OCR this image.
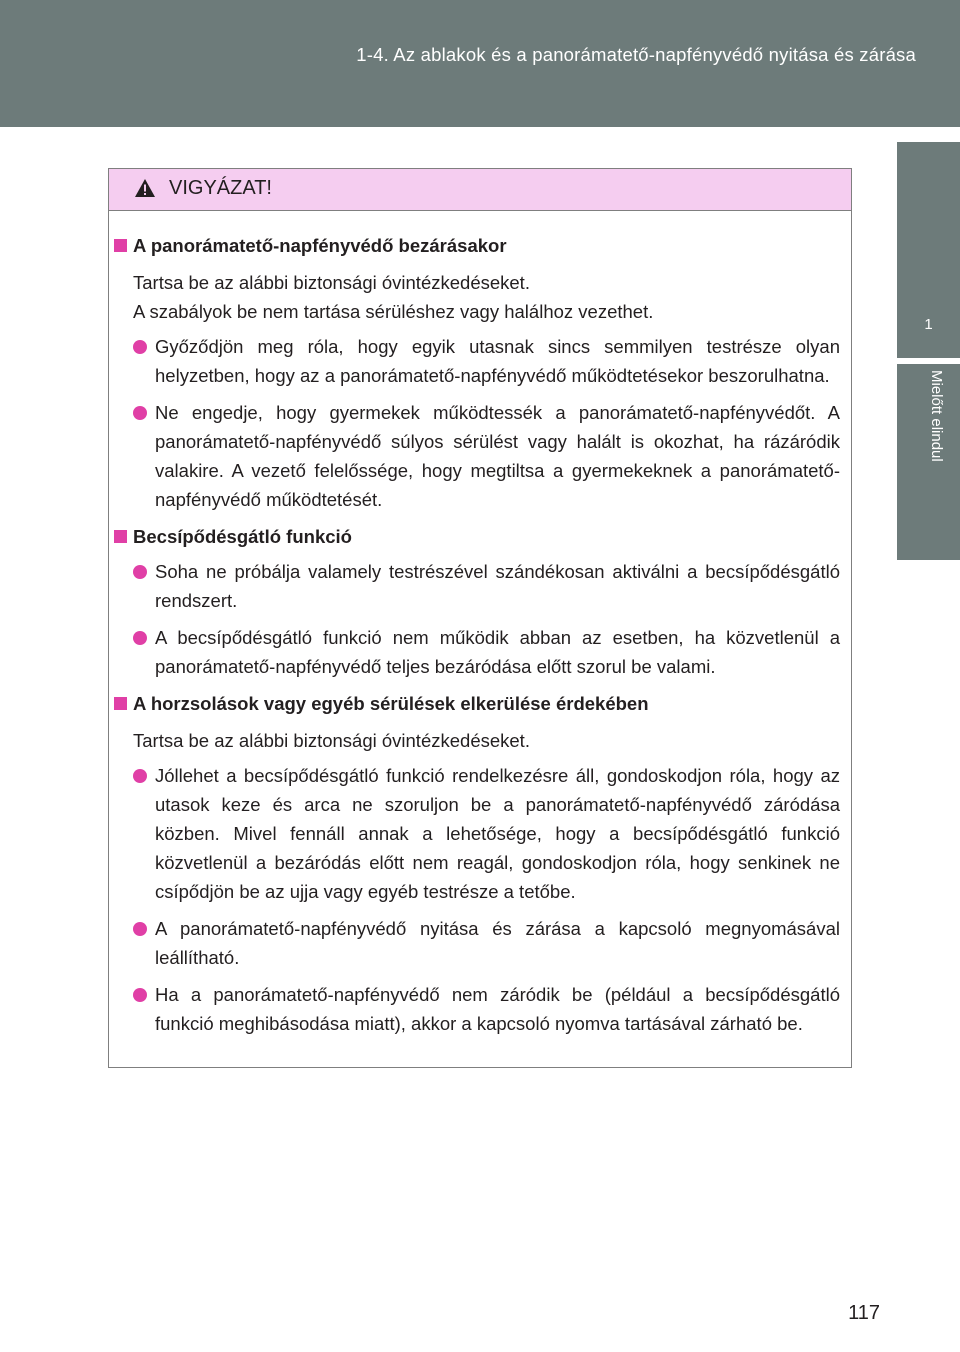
1-4. Az ablakok és a panorámatető-napfényvédő nyitása és zárása
1
Mielőtt elindul
VIGYÁZAT!
A panorámatető-napfényvédő bezárásakor
Tartsa be az alábbi biztonsági óvintézkedéseket.
A szabályok be nem tartása sérüléshez vagy halálhoz vezethet.
Győződjön meg róla, hogy egyik utasnak sincs semmilyen testrésze olyan helyzetben, hogy az a panorámatető-napfényvédő működtetésekor beszorulhatna.
Ne engedje, hogy gyermekek működtessék a panorámatető-napfényvédőt. A panorámatető-napfényvédő súlyos sérülést vagy halált is okozhat, ha rázáródik valakire. A vezető felelőssége, hogy megtiltsa a gyermekeknek a panorámatető-napfényvédő működtetését.
Becsípődésgátló funkció
Soha ne próbálja valamely testrészével szándékosan aktiválni a becsípődésgátló rendszert.
A becsípődésgátló funkció nem működik abban az esetben, ha közvetlenül a panorámatető-napfényvédő teljes bezáródása előtt szorul be valami.
A horzsolások vagy egyéb sérülések elkerülése érdekében
Tartsa be az alábbi biztonsági óvintézkedéseket.
Jóllehet a becsípődésgátló funkció rendelkezésre áll, gondoskodjon róla, hogy az utasok keze és arca ne szoruljon be a panorámatető-napfényvédő záródása közben. Mivel fennáll annak a lehetősége, hogy a becsípődésgátló funkció közvetlenül a bezáródás előtt nem reagál, gondoskodjon róla, hogy senkinek ne csípődjön be az ujja vagy egyéb testrésze a tetőbe.
A panorámatető-napfényvédő nyitása és zárása a kapcsoló megnyomásával leállítható.
Ha a panorámatető-napfényvédő nem záródik be (például a becsípődésgátló funkció meghibásodása miatt), akkor a kapcsoló nyomva tartásával zárható be.
117
